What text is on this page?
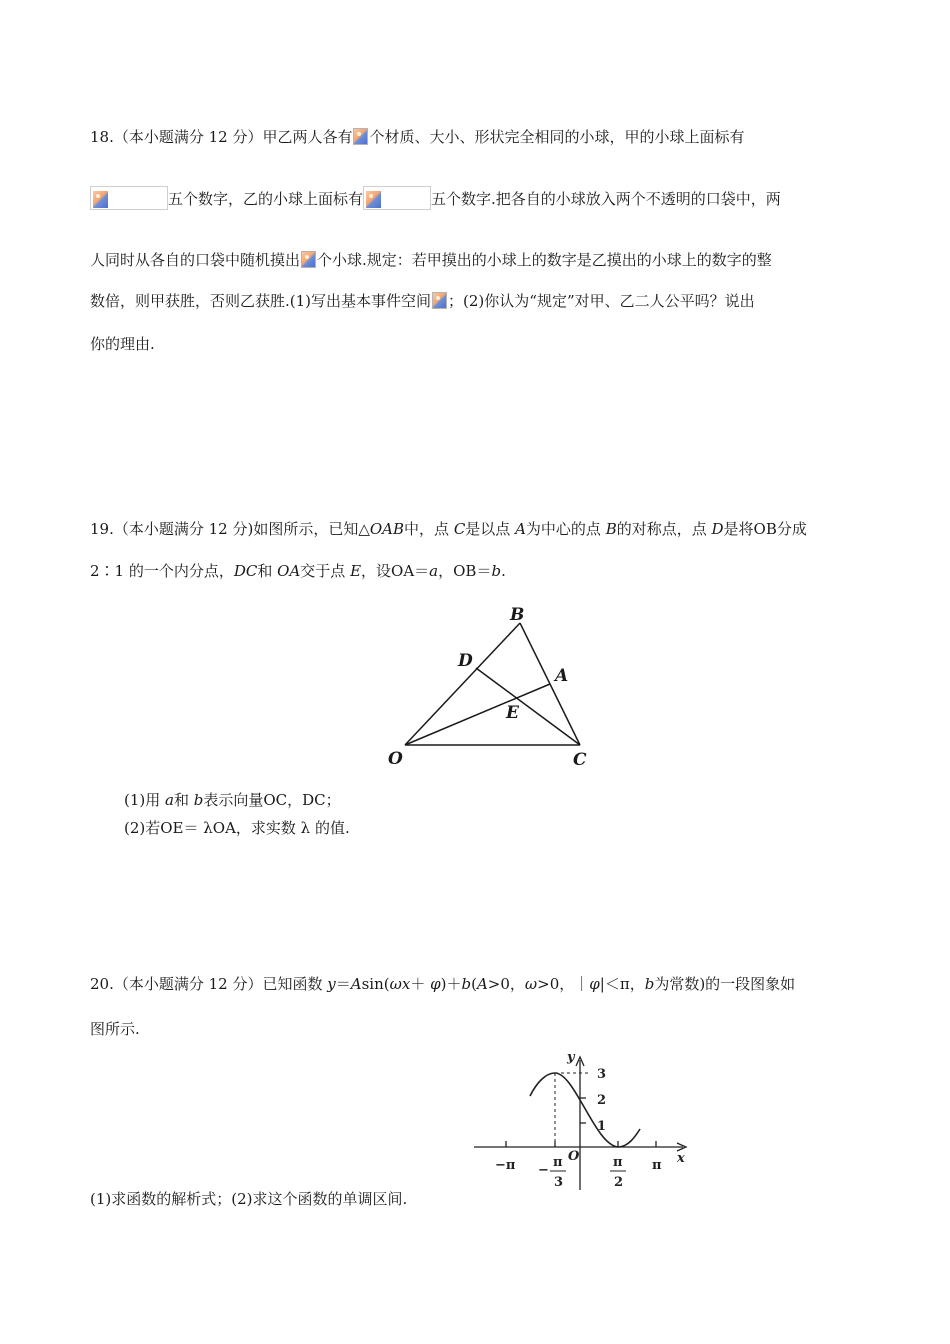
18.（本小题满分 12 分）甲乙两人各有 个材质、大小、形状完全相同的小球，甲的小球上面标有
五个数字，乙的小球上面标有	五个数字.把各自的小球放入两个不透明的口袋中，两
人同时从各自的口袋中随机摸出 个小球.规定：若甲摸出的小球上的数字是乙摸出的小球上的数字的整
数倍，则甲获胜，否则乙获胜.(1)写出基本事件空间 ；(2)你认为“规定”对甲、乙二人公平吗？说出
你的理由.
19.（本小题满分 12 分)如图所示，已知△OAB中，点 C是以点 A为中心的点 B的对称点，点 D是将OB分成
2∶1 的一个内分点，DC和 OA交于点 E，设OA＝a，OB＝b.
B
D
A
E
O	C
(1)用 a和 b表示向量OC，DC；
(2)若OE＝ λOA，求实数 λ 的值.
20.（本小题满分 12 分）已知函数 y＝Asin(ωx＋ φ)＋b(A>0，ω>0，｜φ|＜π，b为常数)的一段图象如
图所示.
y
x
O
3
2
1
−π −
π
3
π
2
π
(1)求函数的解析式；(2)求这个函数的单调区间.
